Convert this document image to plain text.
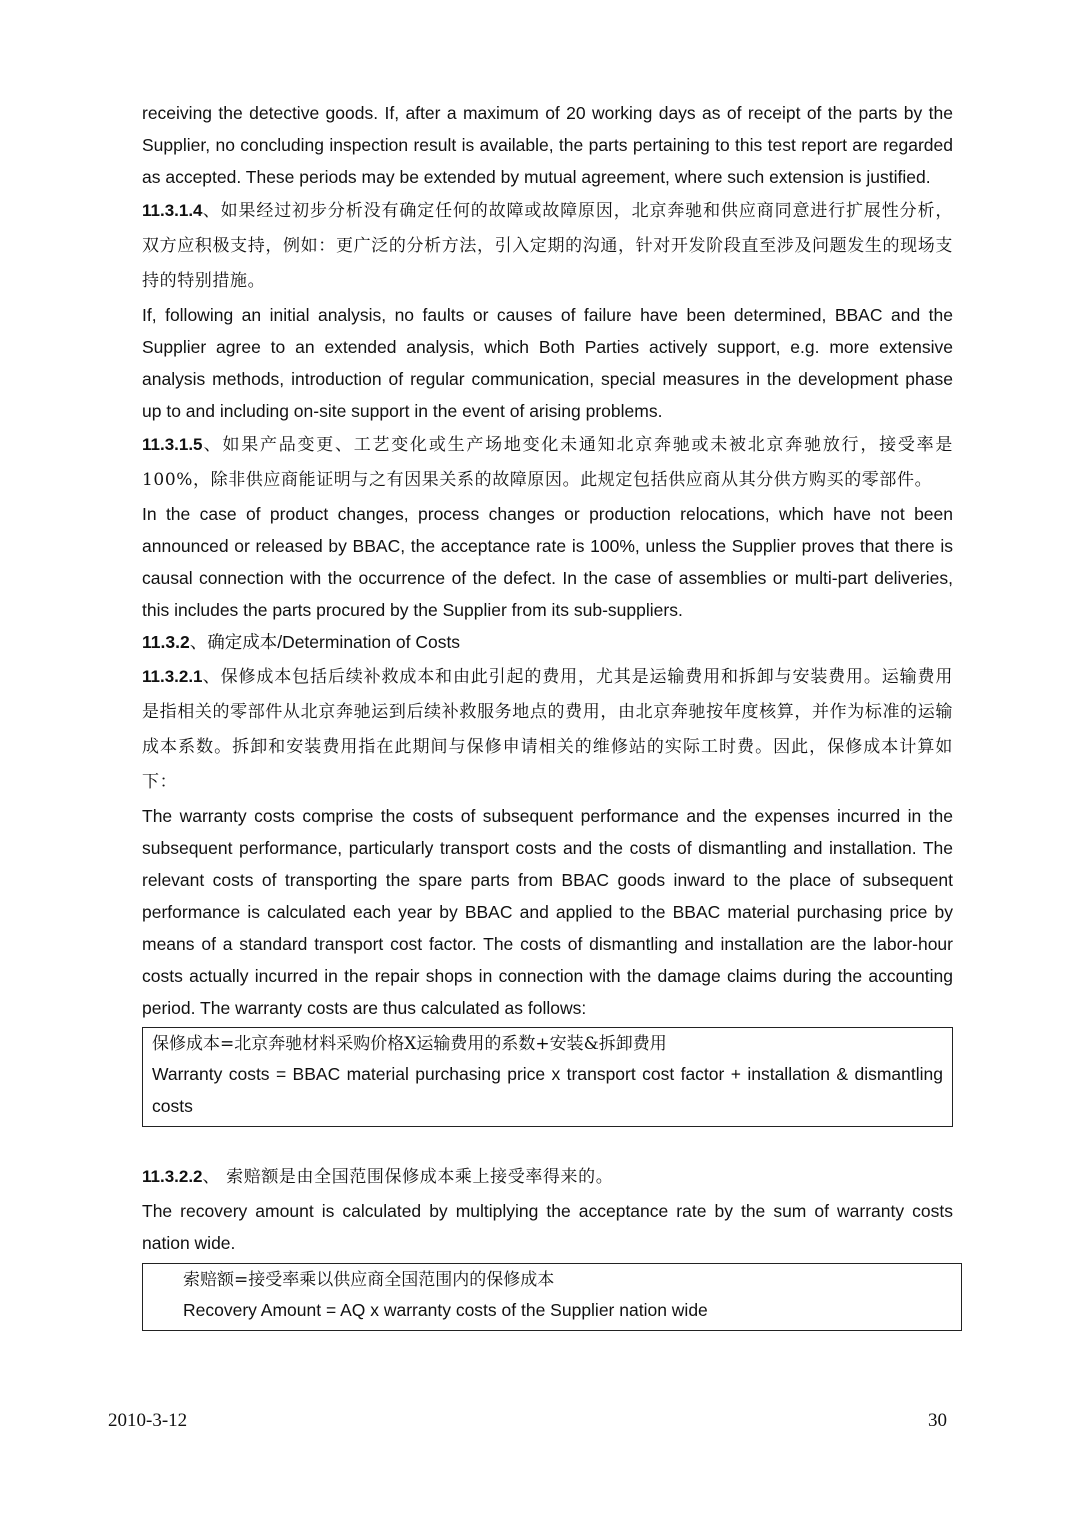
receiving the detective goods. If, after a maximum of 20 working days as of receipt of the parts by the Supplier, no concluding inspection result is available, the parts pertaining to this test report are regarded as accepted. These periods may be extended by mutual agreement, where such extension is justified.

11.3.1.4、如果经过初步分析没有确定任何的故障或故障原因，北京奔驰和供应商同意进行扩展性分析，双方应积极支持，例如：更广泛的分析方法，引入定期的沟通，针对开发阶段直至涉及问题发生的现场支持的特别措施。

If, following an initial analysis, no faults or causes of failure have been determined, BBAC and the Supplier agree to an extended analysis, which Both Parties actively support, e.g. more extensive analysis methods, introduction of regular communication, special measures in the development phase up to and including on-site support in the event of arising problems.

11.3.1.5、如果产品变更、工艺变化或生产场地变化未通知北京奔驰或未被北京奔驰放行，接受率是100%，除非供应商能证明与之有因果关系的故障原因。此规定包括供应商从其分供方购买的零部件。

In the case of product changes, process changes or production relocations, which have not been announced or released by BBAC, the acceptance rate is 100%, unless the Supplier proves that there is causal connection with the occurrence of the defect. In the case of assemblies or multi-part deliveries, this includes the parts procured by the Supplier from its sub-suppliers.

11.3.2、确定成本/Determination of Costs

11.3.2.1、保修成本包括后续补救成本和由此引起的费用，尤其是运输费用和拆卸与安装费用。运输费用是指相关的零部件从北京奔驰运到后续补救服务地点的费用，由北京奔驰按年度核算，并作为标准的运输成本系数。拆卸和安装费用指在此期间与保修申请相关的维修站的实际工时费。因此，保修成本计算如下：

The warranty costs comprise the costs of subsequent performance and the expenses incurred in the subsequent performance, particularly transport costs and the costs of dismantling and installation. The relevant costs of transporting the spare parts from BBAC goods inward to the place of subsequent performance is calculated each year by BBAC and applied to the BBAC material purchasing price by means of a standard transport cost factor. The costs of dismantling and installation are the labor-hour costs actually incurred in the repair shops in connection with the damage claims during the accounting period. The warranty costs are thus calculated as follows:

保修成本=北京奔驰材料采购价格X运输费用的系数+安装&拆卸费用

Warranty costs = BBAC material purchasing price x transport cost factor + installation & dismantling costs

11.3.2.2、 索赔额是由全国范围保修成本乘上接受率得来的。

The recovery amount is calculated by multiplying the acceptance rate by the sum of warranty costs nation wide.

索赔额=接受率乘以供应商全国范围内的保修成本

Recovery Amount = AQ x warranty costs of the Supplier nation wide

2010-3-12	30
